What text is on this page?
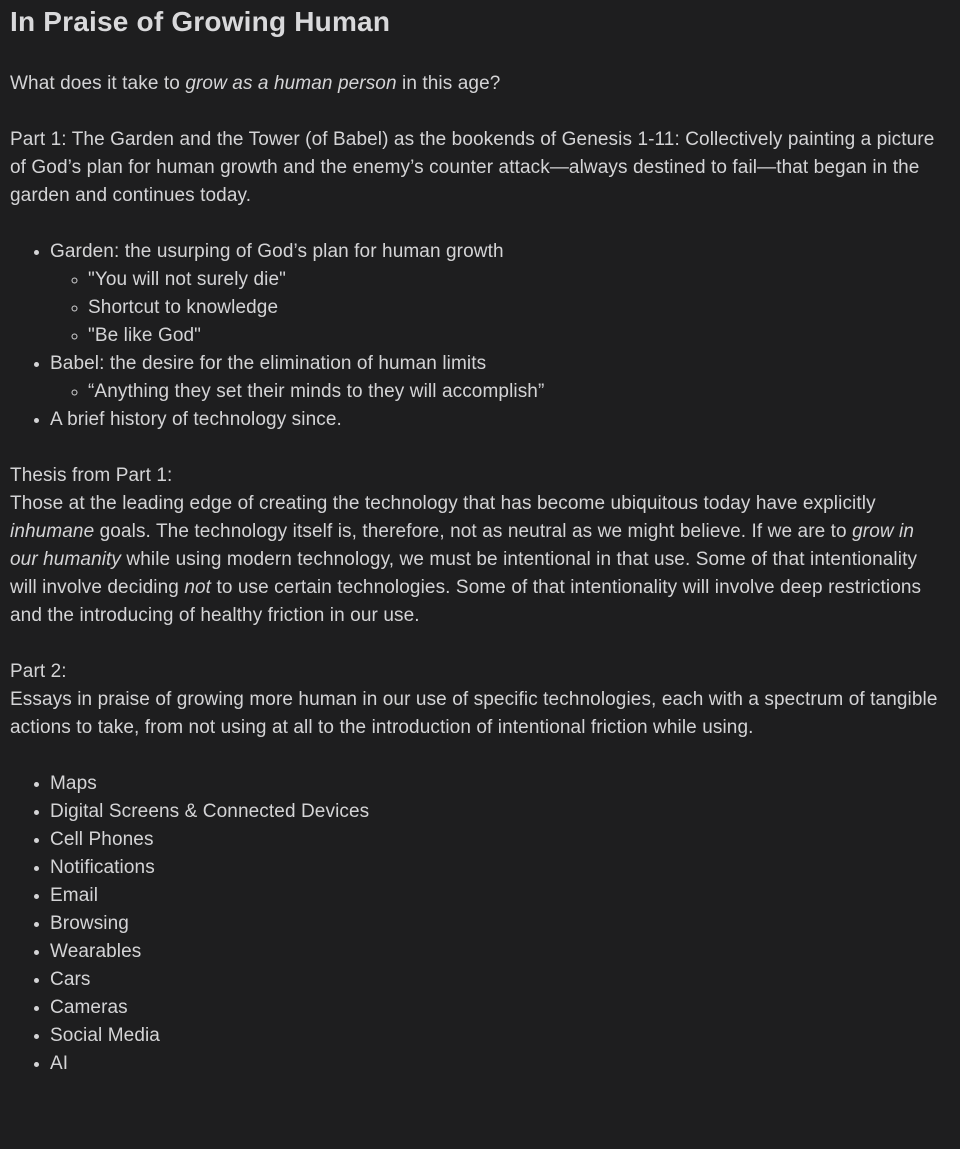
In Praise of Growing Human

What does it take to grow as a human person in this age?

Part 1: The Garden and the Tower (of Babel) as the bookends of Genesis 1-11: Collectively painting a picture of God’s plan for human growth and the enemy’s counter attack—always destined to fail—that began in the garden and continues today.

• Garden: the usurping of God’s plan for human growth
◦ "You will not surely die"
◦ Shortcut to knowledge
◦ "Be like God"
• Babel: the desire for the elimination of human limits
◦ “Anything they set their minds to they will accomplish”
• A brief history of technology since.

Thesis from Part 1:
Those at the leading edge of creating the technology that has become ubiquitous today have explicitly inhumane goals. The technology itself is, therefore, not as neutral as we might believe. If we are to grow in our humanity while using modern technology, we must be intentional in that use. Some of that intentionality will involve deciding not to use certain technologies. Some of that intentionality will involve deep restrictions and the introducing of healthy friction in our use.

Part 2:
Essays in praise of growing more human in our use of specific technologies, each with a spectrum of tangible actions to take, from not using at all to the introduction of intentional friction while using.

• Maps
• Digital Screens & Connected Devices
• Cell Phones
• Notifications
• Email
• Browsing
• Wearables
• Cars
• Cameras
• Social Media
• AI
